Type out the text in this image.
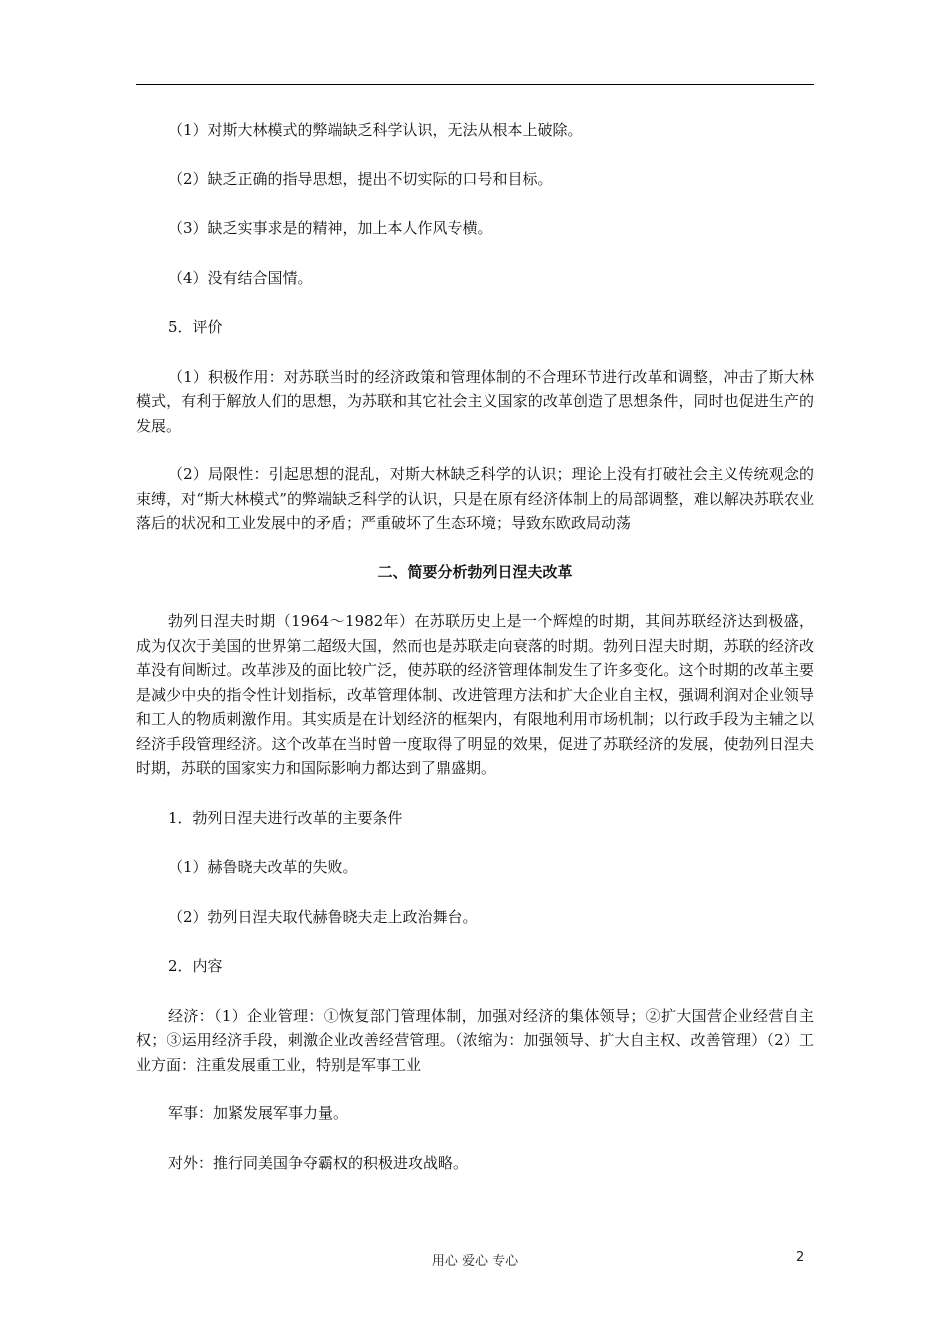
（1）对斯大林模式的弊端缺乏科学认识，无法从根本上破除。

（2）缺乏正确的指导思想，提出不切实际的口号和目标。

（3）缺乏实事求是的精神，加上本人作风专横。

（4）没有结合国情。

5．评价

（1）积极作用：对苏联当时的经济政策和管理体制的不合理环节进行改革和调整，冲击了斯大林模式，有利于解放人们的思想，为苏联和其它社会主义国家的改革创造了思想条件，同时也促进生产的发展。

（2）局限性：引起思想的混乱，对斯大林缺乏科学的认识；理论上没有打破社会主义传统观念的束缚，对“斯大林模式”的弊端缺乏科学的认识，只是在原有经济体制上的局部调整，难以解决苏联农业落后的状况和工业发展中的矛盾；严重破坏了生态环境；导致东欧政局动荡

二、简要分析勃列日涅夫改革

勃列日涅夫时期（1964～1982年）在苏联历史上是一个辉煌的时期，其间苏联经济达到极盛，成为仅次于美国的世界第二超级大国，然而也是苏联走向衰落的时期。勃列日涅夫时期，苏联的经济改革没有间断过。改革涉及的面比较广泛，使苏联的经济管理体制发生了许多变化。这个时期的改革主要是减少中央的指令性计划指标，改革管理体制、改进管理方法和扩大企业自主权，强调利润对企业领导和工人的物质刺激作用。其实质是在计划经济的框架内，有限地利用市场机制；以行政手段为主辅之以经济手段管理经济。这个改革在当时曾一度取得了明显的效果，促进了苏联经济的发展，使勃列日涅夫时期，苏联的国家实力和国际影响力都达到了鼎盛期。

1．勃列日涅夫进行改革的主要条件

（1）赫鲁晓夫改革的失败。

（2）勃列日涅夫取代赫鲁晓夫走上政治舞台。

2．内容

经济：（1）企业管理：①恢复部门管理体制，加强对经济的集体领导；②扩大国营企业经营自主权；③运用经济手段，刺激企业改善经营管理。（浓缩为：加强领导、扩大自主权、改善管理）（2）工业方面：注重发展重工业，特别是军事工业

军事：加紧发展军事力量。

对外：推行同美国争夺霸权的积极进攻战略。

用心 爱心 专心	2
